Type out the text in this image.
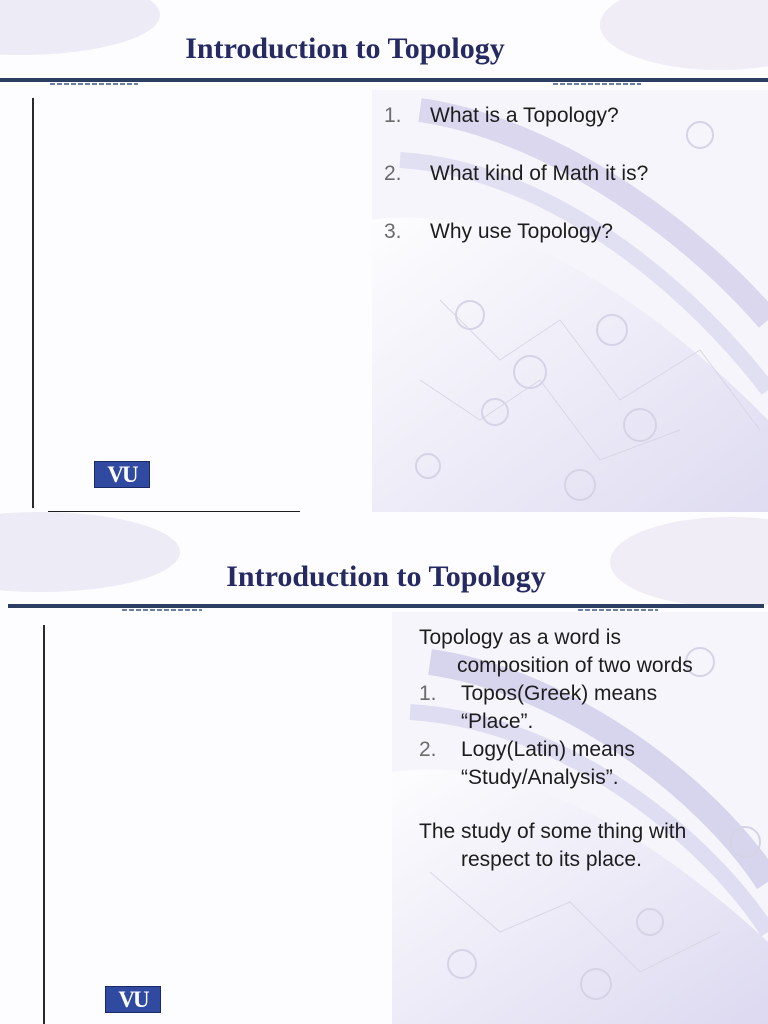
Introduction to Topology
1. What is a Topology?
2. What kind of Math it is?
3. Why use Topology?
VU
Introduction to Topology

Topology as a word is composition of two words

1. Topos(Greek) means “Place”.
2. Logy(Latin) means “Study/Analysis”.

The study of some thing with respect to its place.

VU
